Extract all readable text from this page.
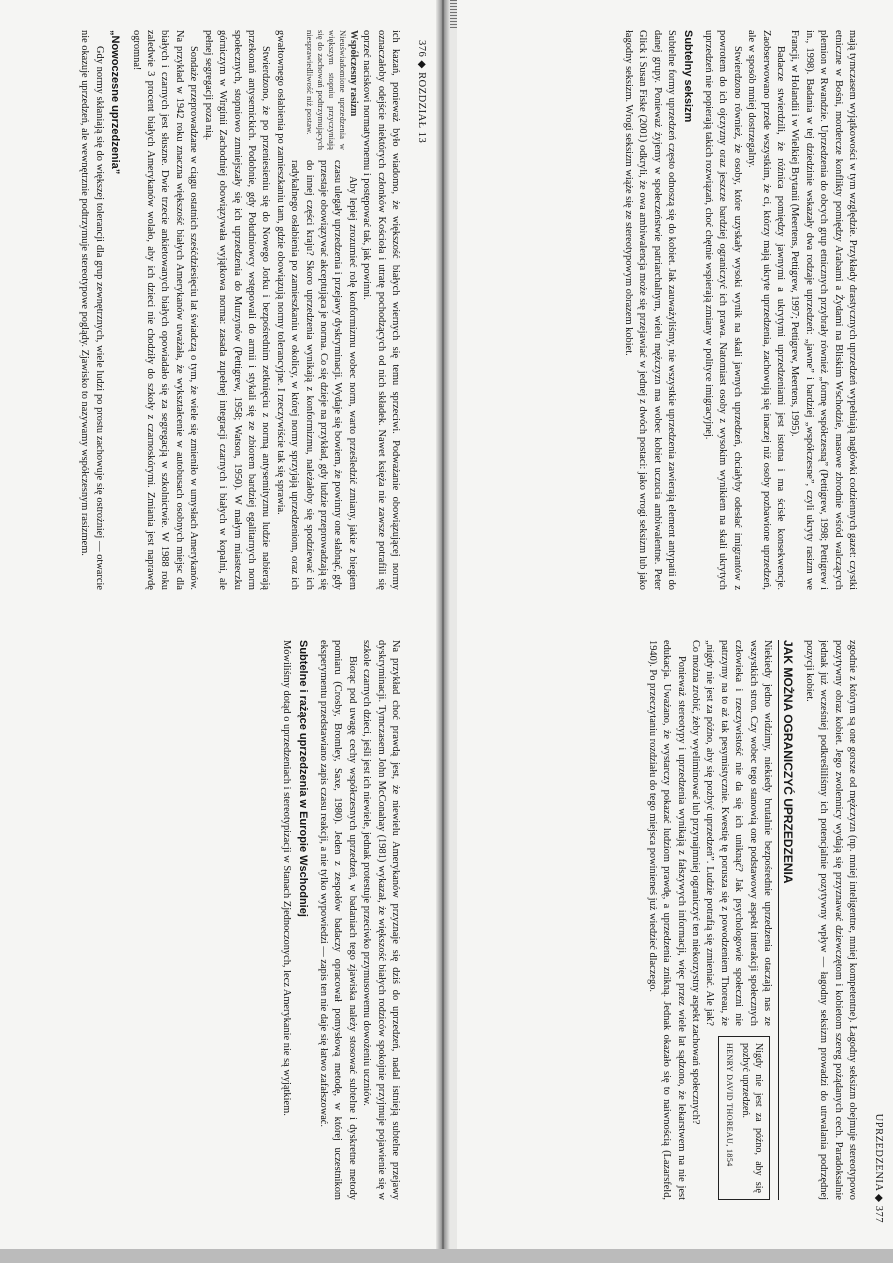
376 ◆ ROZDZIAŁ 13

ich kazań, ponieważ było wiadomo, że większość białych wiernych się temu sprzeciwi. Podważanie obowiązującej normy oznaczałoby odejście niektórych członków Kościoła i utratę pochodzących od nich składek. Nawet księża nie zawsze potrafili się oprzeć naciskowi normatywnemu i postępować tak, jak powinni.

Współczesny rasizm
Nieuświadomione uprzedzenia w większym stopniu przyczyniają się do zachowań podtrzymujących niesprawiedliwość niż postaw.

Aby lepiej zrozumieć rolę konformizmu wobec norm, warto prześledzić zmiany, jakie z biegiem czasu ulegały uprzedzenia i przejawy dyskryminacji. Wydaje się bowiem, że powinny one słabnąć, gdy przestaje obowiązywać akceptująca je norma. Co się dzieje na przykład, gdy ludzie przeprowadzają się do innej części kraju? Skoro uprzedzenia wynikają z konformizmu, należałoby się spodziewać ich radykalnego osłabienia po zamieszkaniu w okolicy, w której normy sprzyjają uprzedzeniom, oraz ich gwałtownego osłabienia po zamieszkaniu tam, gdzie obowiązują normy tolerancyjne. I rzeczywiście tak się sprawia.

Stwierdzono, że po przeniesieniu się do Nowego Jorku i bezpośrednim zetknięciu z normą antysemityzmu ludzie nabierają przekonań antysemickich. Podobnie, gdy Południowcy wstępowali do armii i stykali się ze zbiorem bardziej egalitarnych norm społecznych, stopniowo zmniejszały się ich uprzedzenia do Murzynów (Pettigrew, 1958; Watson, 1950). W małym miasteczku górniczym w Wirginii Zachodniej obowiązywała wyjątkowa norma: zasada zupełnej integracji czarnych i białych w kopalni, ale pełnej segregacji poza nią.

Sondaże przeprowadzane w ciągu ostatnich sześćdziesięciu lat świadczą o tym, że wiele się zmieniło w umysłach Amerykanów. Na przykład w 1942 roku znaczna większość białych Amerykanów uważała, że wykształcenie w autobusach osobnych miejsc dla białych i czarnych jest słuszne. Dwie trzecie ankietowanych białych opowiadało się za segregacją w szkolnictwie. W 1988 roku zaledwie 3 procent białych Amerykanów wolało, aby ich dzieci nie chodziły do szkoły z czarnoskórymi. Zmiania jest naprawdę ogromna!

„Nowoczesne uprzedzenia”

Gdy normy skłaniają się do większej tolerancji dla grup zewnętrznych, wiele ludzi po prostu zachowuje się ostrożniej — otwarcie nie okazuje uprzedzeń, ale wewnętrznie podtrzymuje stereotypowe poglądy. Zjawisko to nazywamy współczesnym rasizmem.

Na przykład choć prawdą jest, że niewielu Amerykanów przyznaje się dziś do uprzedzeń, nadal istnieją subtelne przejawy dyskryminacji. Tymczasem John McConahay (1981) wykazał, że większość białych rodziców spokojnie przyjmuje pojawienie się w szkole czarnych dzieci, jeśli jest ich niewiele, jednak protestuje przeciwko przymusowemu dowożeniu uczniów.

Biorąc pod uwagę cechy współczesnych uprzedzeń, w badaniach tego zjawiska należy stosować subtelne i dyskretne metody pomiaru (Crosby, Bromley, Saxe, 1980). Jeden z zespołów badaczy opracował pomysłową metodę, w której uczestnikom eksperymentu przedstawiano zapis czasu reakcji, a nie tylko wypowiedzi — zapis ten nie daje się łatwo zafałszować.

Subtelne i rażące uprzedzenia w Europie Wschodniej

Mówiliśmy dotąd o uprzedzeniach i stereotypizacji w Stanach Zjednoczonych, lecz Amerykanie nie są wyjątkiem.

UPRZEDZENIA ◆ 377

mają tymczasem wyjątkowości w tym względzie. Przykłady drastycznych uprzedzeń wypełniają nagłówki codziennych gazet: czystki etniczne w Bośni, mordercze konflikty pomiędzy Arabami a Żydami na Bliskim Wschodzie, masowe zbrodnie wśród walczących plemion w Rwandzie. Uprzedzenia do obcych grup etnicznych przybrały również „formę współczesną” (Pettigrew, 1998; Pettigrew i in., 1998). Badania w tej dziedzinie wskazały dwa rodzaje uprzedzeń: „jawne” i bardziej „współczesne”, czyli ukryty rasizm we Francji, w Holandii i w Wielkiej Brytanii (Meertens, Pettigrew, 1997; Pettigrew, Meertens, 1995).

Badacze stwierdzili, że różnica pomiędzy jawnymi a ukrytymi uprzedzeniami jest istotna i ma ścisłe konsekwencje. Zaobserwowano przede wszystkim, że ci, którzy mają ukryte uprzedzenia, zachowują się inaczej niż osoby pozbawione uprzedzeń, ale w sposób mniej dostrzegalny.

Stwierdzono również, że osoby, które uzyskały wysoki wynik na skali jawnych uprzedzeń, chciałyby odesłać imigrantów z powrotem do ich ojczyzny oraz jeszcze bardziej ograniczyć ich prawa. Natomiast osoby z wysokim wynikiem na skali ukrytych uprzedzeń nie popierają takich rozwiązań, choć chętnie wspierają zmiany w polityce imigracyjnej.

Subtelny seksizm

Subtelne formy uprzedzeń często odnoszą się do kobiet. Jak zauważyliśmy, nie wszystkie uprzedzenia zawierają element antypatii do danej grupy. Ponieważ żyjemy w społeczeństwie patriarchalnym, wielu mężczyzn ma wobec kobiet uczucia ambiwalentne. Peter Glick i Susan Fiske (2001) odkryli, że owa ambiwalencja może się przejawiać w jednej z dwóch postaci: jako wrogi seksizm lub jako łagodny seksizm. Wrogi seksizm wiąże się ze stereotypowym obrazem kobiet.

zgodnie z którym są one gorsze od mężczyzn (np. mniej inteligentne, mniej kompetentne). Łagodny seksizm obejmuje stereotypowo pozytywny obraz kobiet. Jego zwolennicy wydają się przyznawać dziewczętom i kobietom szereg pożądanych cech. Paradoksalnie jednak już wcześniej podkreśliliśmy ich potencjalnie pozytywny wpływ — łagodny seksizm prowadzi do utrwalania podrzędnej pozycji kobiet.

JAK MOŻNA OGRANICZYĆ UPRZEDZENIA
Nigdy nie jest za późno, aby się pozbyć uprzedzeń.
HENRY DAVID THOREAU, 1854

Niekiedy jedno widzimy, niekiedy brutalnie bezpośrednie uprzedzenia otaczają nas ze wszystkich stron. Czy wobec tego stanowią one podstawowy aspekt interakcji społecznych człowieka i rzeczywistość nie da się ich uniknąć? Jak psychologowie społeczni nie patrzymy na to aż tak pesymistycznie. Kwestię tę porusza się z powodzeniem Thoreau, że „nigdy nie jest za późno, aby się pozbyć uprzedzeń”. Ludzie potrafią się zmieniać. Ale jak? Co można zrobić, żeby wyeliminować lub przynajmniej ograniczyć ten niekorzystny aspekt zachowań społecznych?

Ponieważ stereotypy i uprzedzenia wynikają z fałszywych informacji, więc przez wiele lat sądzono, że lekarstwem na nie jest edukacja. Uważano, że wystarczy pokazać ludziom prawdę, a uprzedzenia znikną. Jednak okazało się to naiwnością (Lazarsfeld, 1940). Po przeczytaniu rozdziału do tego miejsca powinieneś już wiedzieć dlaczego.
